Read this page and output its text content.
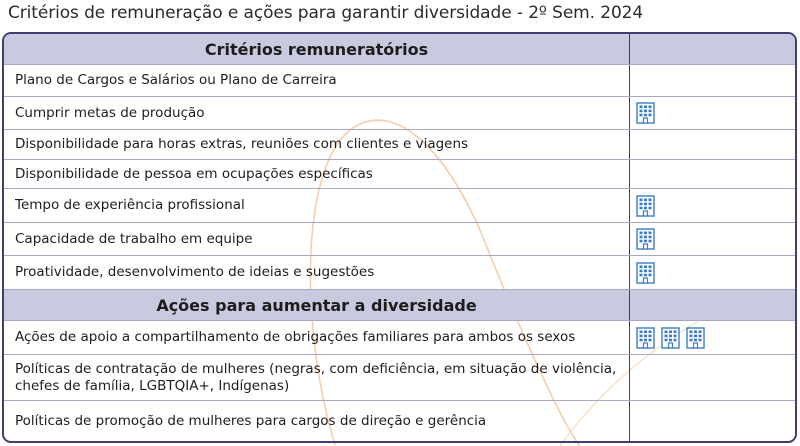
Critérios de remuneração e ações para garantir diversidade - 2º Sem. 2024
Critérios remuneratórios
Plano de Cargos e Salários ou Plano de Carreira
Cumprir metas de produção
Disponibilidade para horas extras, reuniões com clientes e viagens
Disponibilidade de pessoa em ocupações específicas
Tempo de experiência profissional
Capacidade de trabalho em equipe
Proatividade, desenvolvimento de ideias e sugestões
Ações para aumentar a diversidade
Ações de apoio a compartilhamento de obrigações familiares para ambos os sexos
Políticas de contratação de mulheres (negras, com deficiência, em situação de violência, chefes de família, LGBTQIA+, Indígenas)
Políticas de promoção de mulheres para cargos de direção e gerência
